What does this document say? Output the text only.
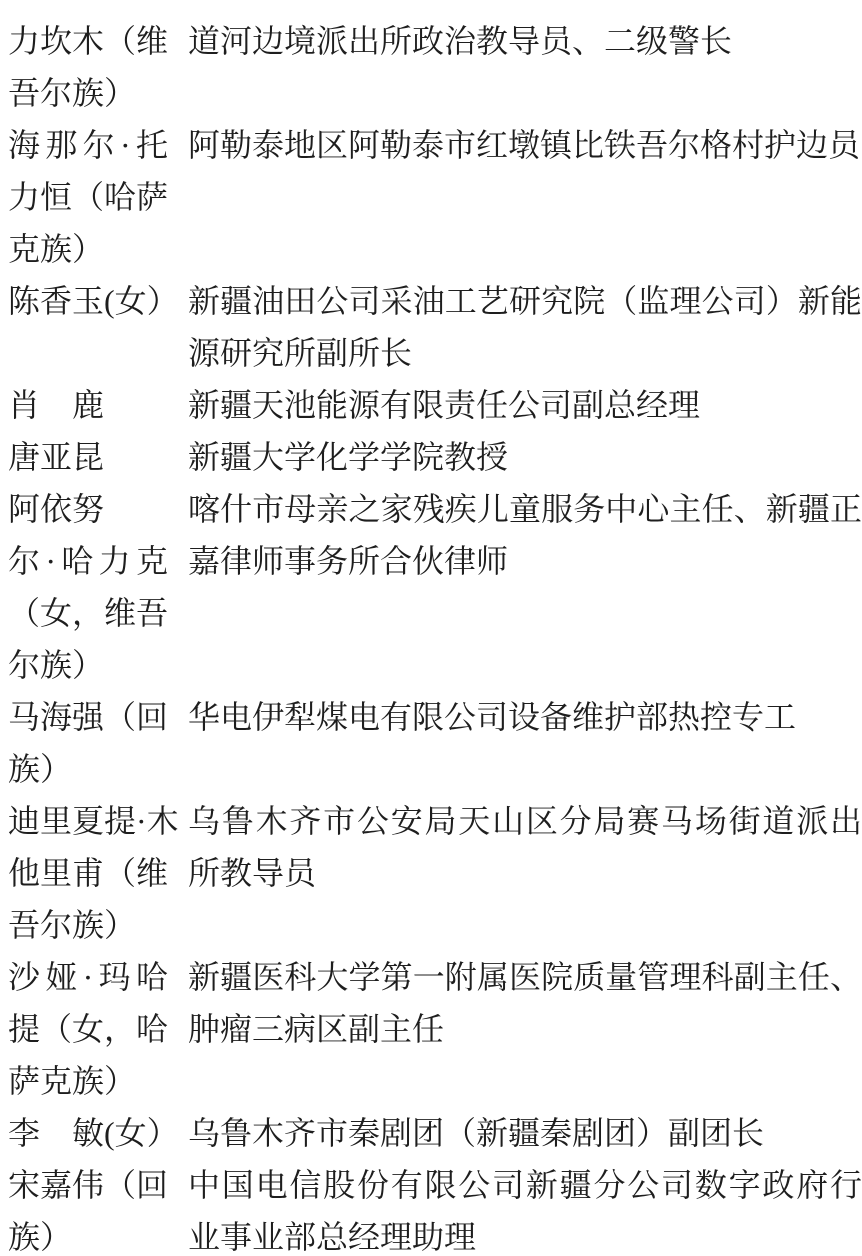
力坎木（维
吾尔族）
道河边境派出所政治教导员、二级警长
海那尔·托
力恒（哈萨
克族）
阿勒泰地区阿勒泰市红墩镇比铁吾尔格村护边员
陈香玉(女） 新疆油田公司采油工艺研究院（监理公司）新能
源研究所副所长
肖　鹿	新疆天池能源有限责任公司副总经理
唐亚昆	新疆大学化学学院教授
阿依努
尔·哈力克
（女，维吾
尔族）
喀什市母亲之家残疾儿童服务中心主任、新疆正
嘉律师事务所合伙律师
马海强（回
族）
华电伊犁煤电有限公司设备维护部热控专工
迪里夏提·木
他里甫（维
吾尔族）
乌鲁木齐市公安局天山区分局赛马场街道派出
所教导员
沙娅·玛哈
提（女，哈
萨克族）
新疆医科大学第一附属医院质量管理科副主任、
肿瘤三病区副主任
李　敏(女） 乌鲁木齐市秦剧团（新疆秦剧团）副团长
宋嘉伟（回
族）
中国电信股份有限公司新疆分公司数字政府行
业事业部总经理助理
